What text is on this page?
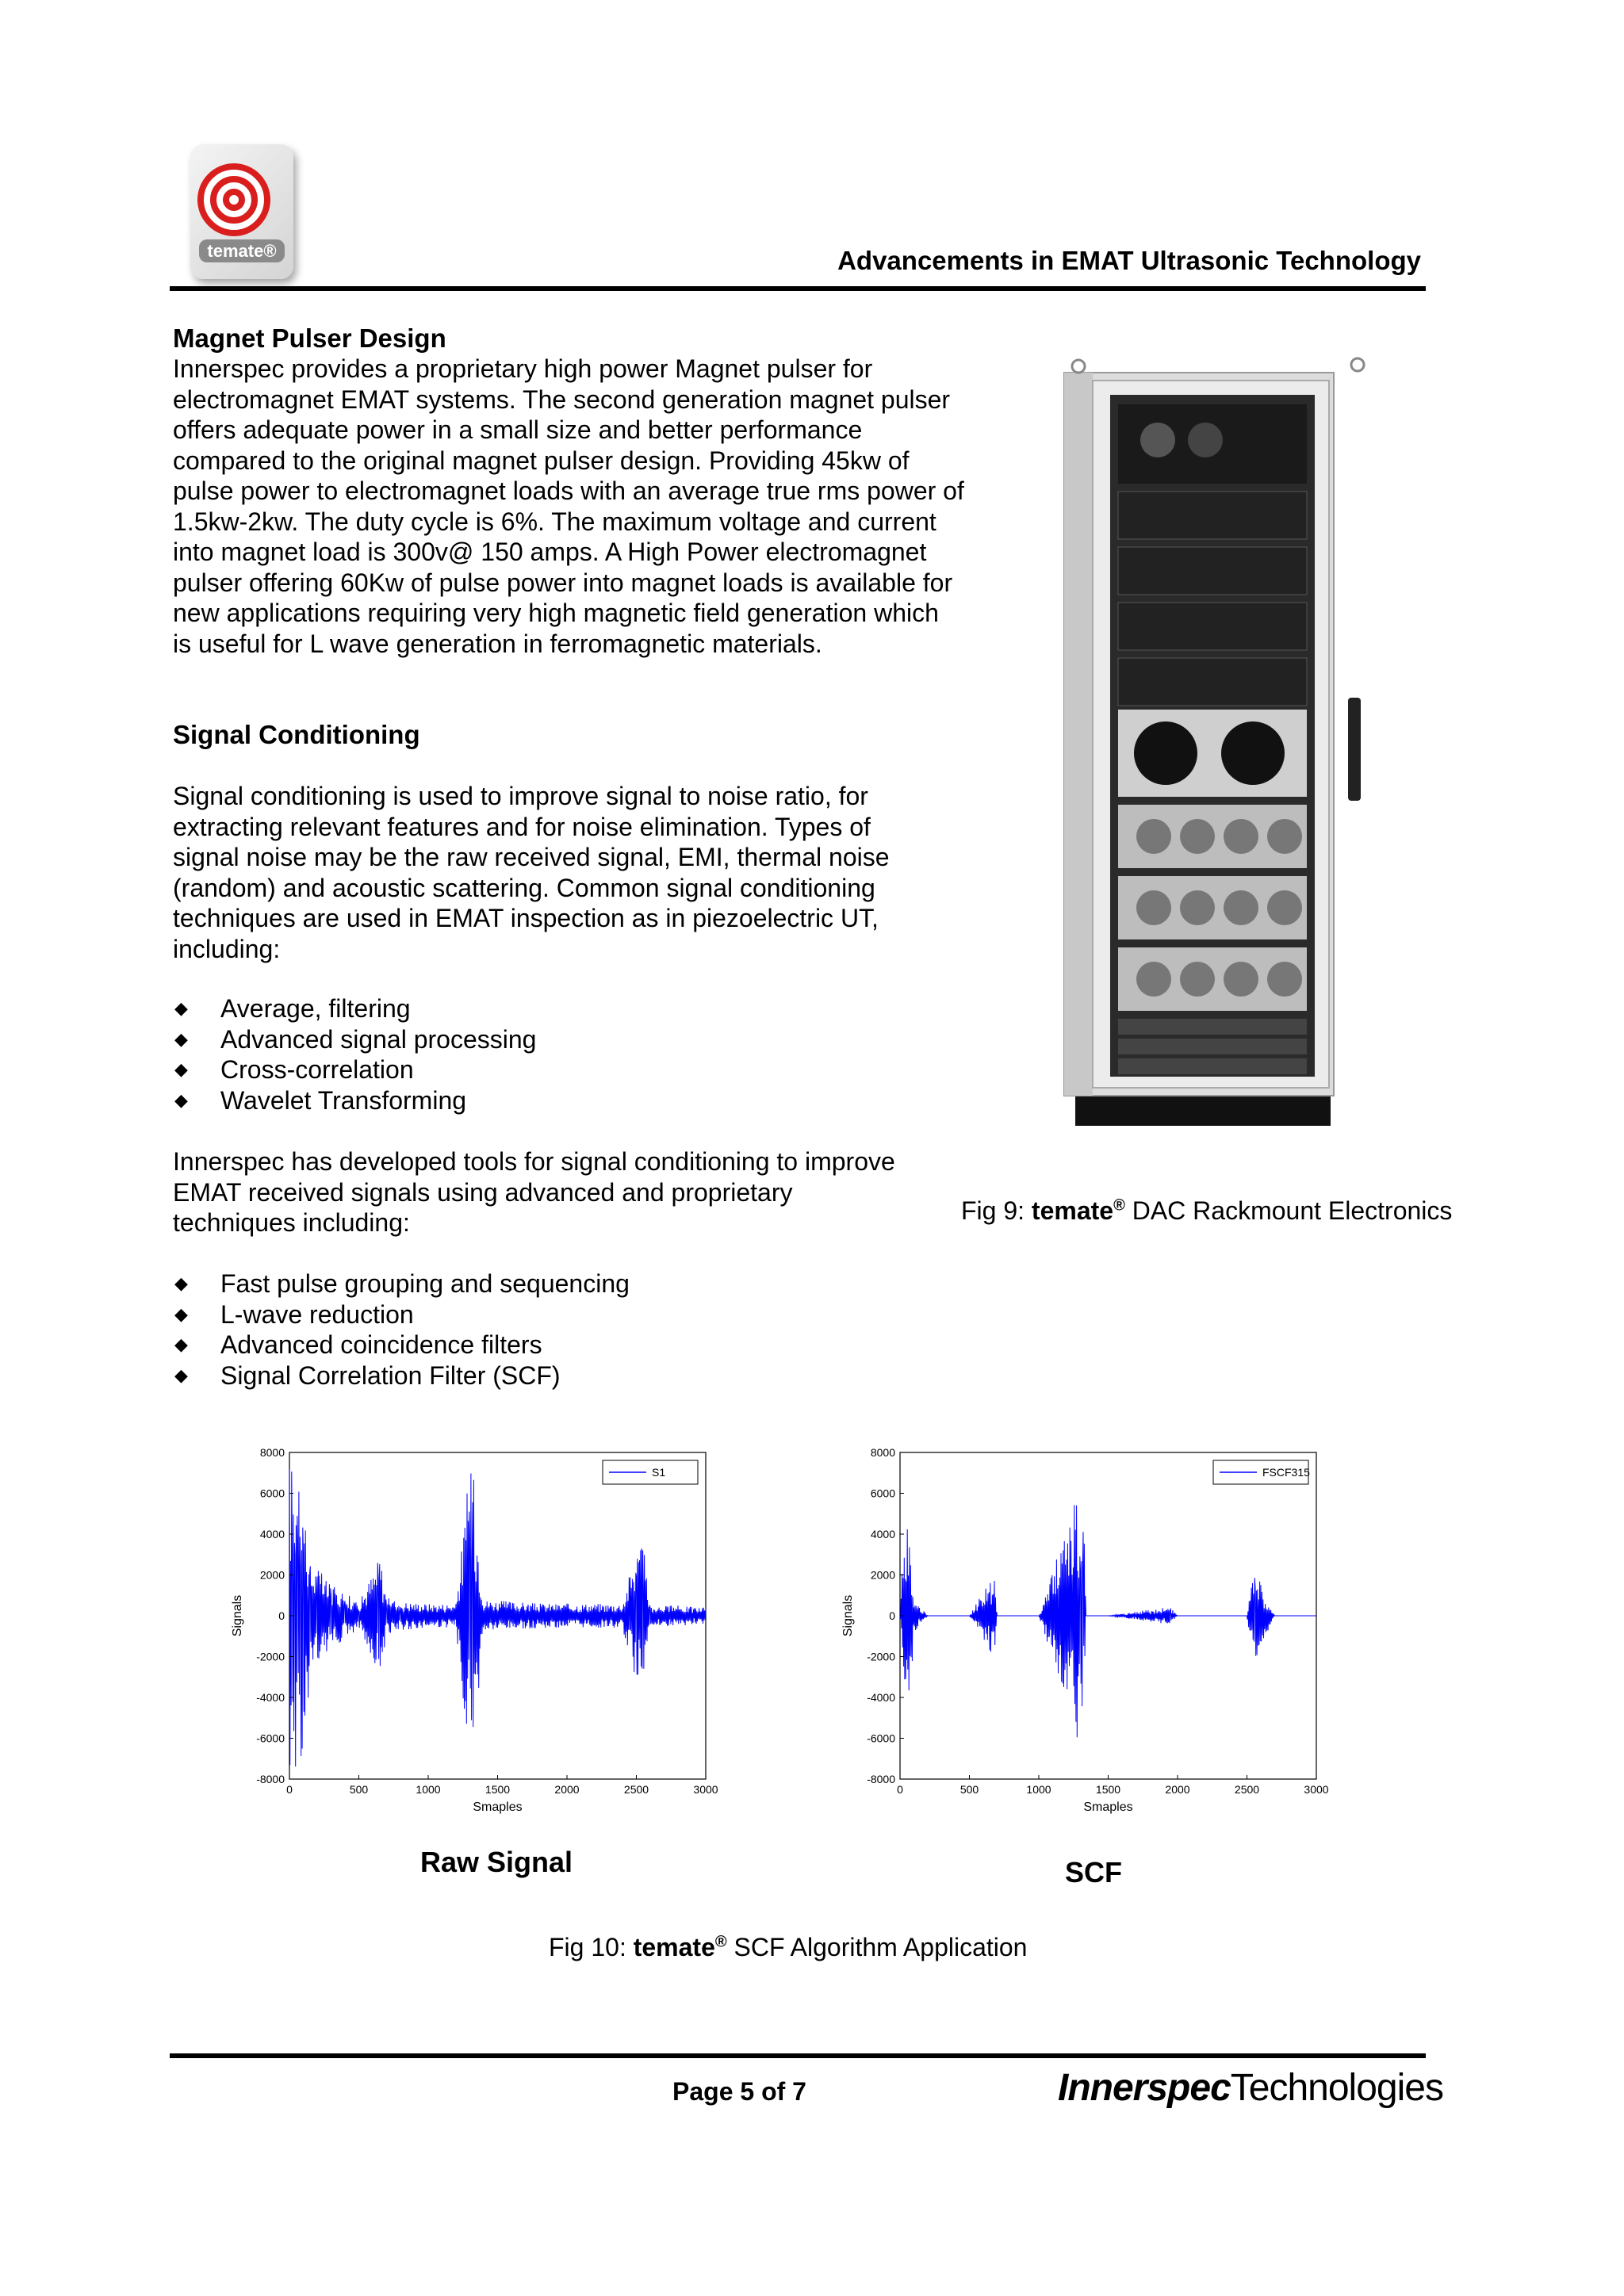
temate®	Advancements in EMAT Ultrasonic Technology
Magnet Pulser Design
Innerspec provides a proprietary high power Magnet pulser for
electromagnet EMAT systems. The second generation magnet pulser
offers adequate power in a small size and better performance
compared to the original magnet pulser design. Providing 45kw of
pulse power to electromagnet loads with an average true rms power of
1.5kw-2kw. The duty cycle is 6%. The maximum voltage and current
into magnet load is 300v@ 150 amps. A High Power electromagnet
pulser offering 60Kw of pulse power into magnet loads is available for
new applications requiring very high magnetic field generation which
is useful for L wave generation in ferromagnetic materials.
Signal Conditioning
Signal conditioning is used to improve signal to noise ratio, for
extracting relevant features and for noise elimination. Types of
signal noise may be the raw received signal, EMI, thermal noise
(random) and acoustic scattering. Common signal conditioning
techniques are used in EMAT inspection as in piezoelectric UT,
including:
◆ Average, filtering
◆ Advanced signal processing
◆ Cross-correlation
◆ Wavelet Transforming
Innerspec has developed tools for signal conditioning to improve
EMAT received signals using advanced and proprietary
techniques including:
◆ Fast pulse grouping and sequencing
◆ L-wave reduction
◆ Advanced coincidence filters
◆ Signal Correlation Filter (SCF)
Fig 9: temate® DAC Rackmount Electronics
0	500	1000	1500	2000	2500	3000
8000
6000
4000
2000
0
-2000
-4000
-6000
-8000
Smaples
Signals
S1
0	500	1000	1500	2000	2500	3000
8000
6000
4000
2000
0
-2000
-4000
-6000
-8000
Smaples
Signals
FSCF315
Raw Signal	SCF
Fig 10: temate® SCF Algorithm Application
Page 5 of 7	InnerspecTechnologies
